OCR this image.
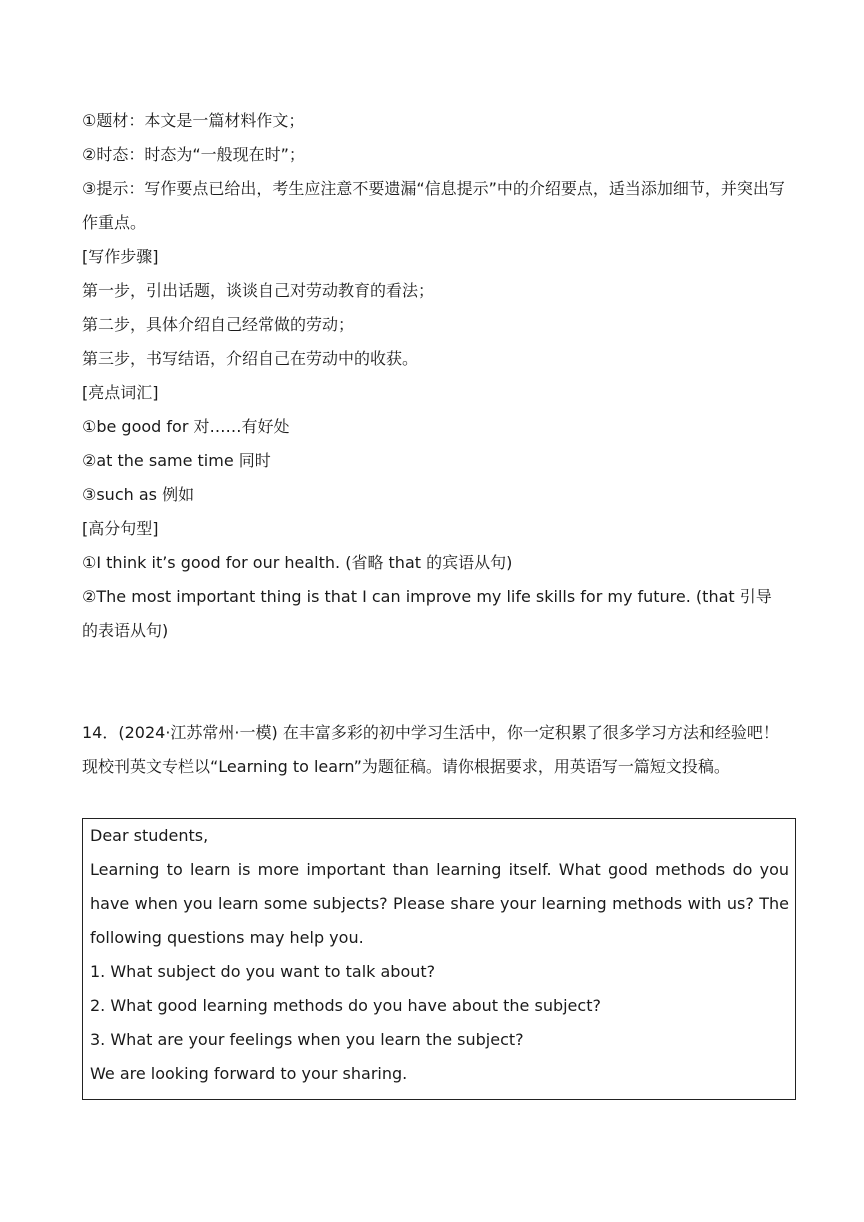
①题材：本文是一篇材料作文；
②时态：时态为“一般现在时”；
③提示：写作要点已给出，考生应注意不要遗漏“信息提示”中的介绍要点，适当添加细节，并突出写作重点。
[写作步骤]
第一步，引出话题，谈谈自己对劳动教育的看法；
第二步，具体介绍自己经常做的劳动；
第三步，书写结语，介绍自己在劳动中的收获。
[亮点词汇]
①be good for 对……有好处
②at the same time 同时
③such as 例如
[高分句型]
①I think it’s good for our health. (省略 that 的宾语从句)
②The most important thing is that I can improve my life skills for my future. (that 引导的表语从句)
14．(2024·江苏常州·一模) 在丰富多彩的初中学习生活中，你一定积累了很多学习方法和经验吧！现校刊英文专栏以“Learning to learn”为题征稿。请你根据要求，用英语写一篇短文投稿。
Dear students,
Learning to learn is more important than learning itself. What good methods do you have when you learn some subjects? Please share your learning methods with us? The following questions may help you.
1. What subject do you want to talk about?
2. What good learning methods do you have about the subject?
3. What are your feelings when you learn the subject?
We are looking forward to your sharing.
